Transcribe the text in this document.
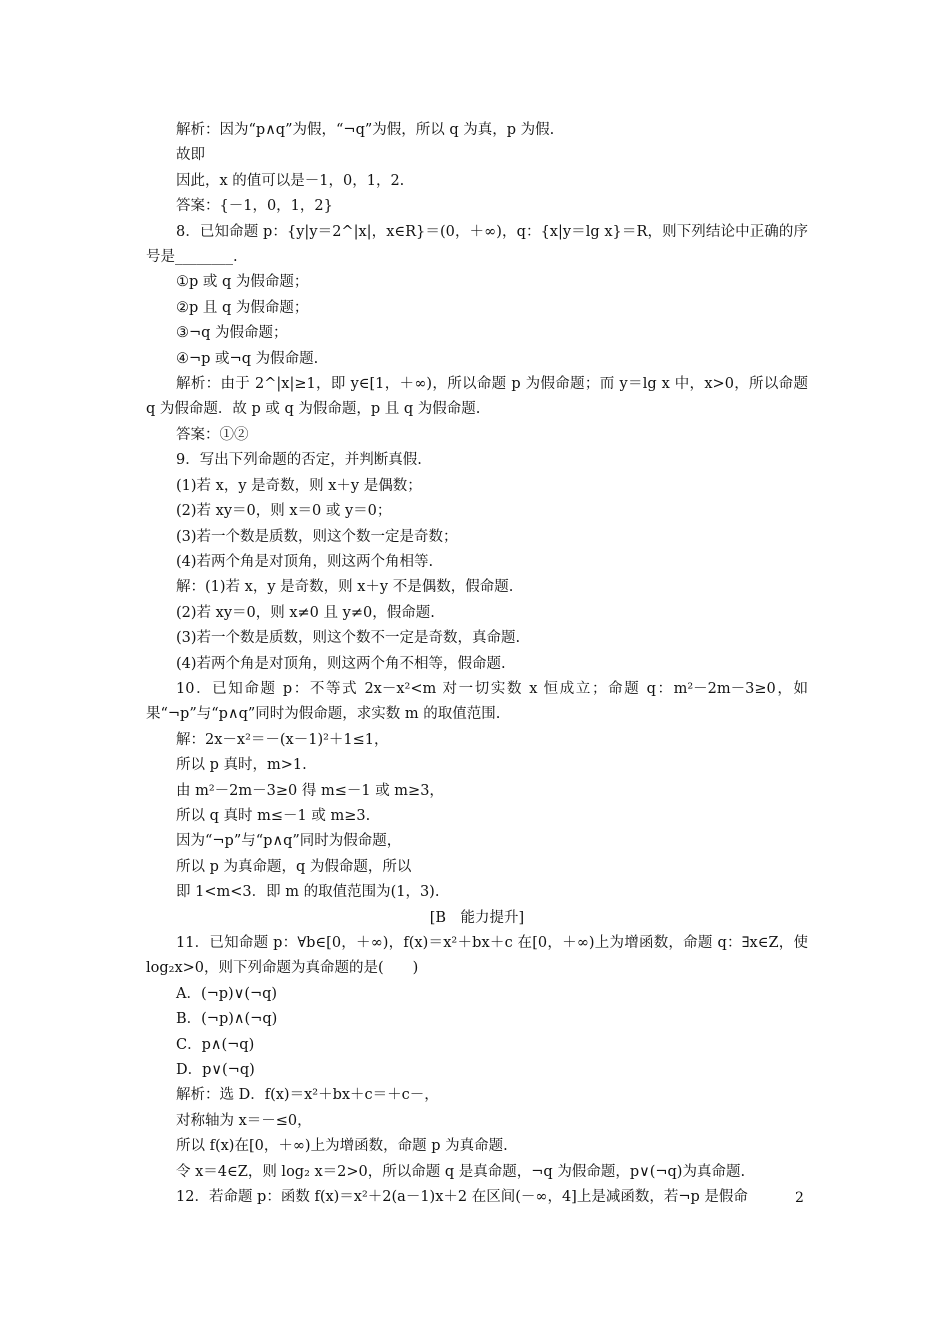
解析：因为“p∧q”为假，“¬q”为假，所以 q 为真，p 为假.

故即

因此，x 的值可以是－1，0，1，2.

答案：{－1，0，1，2}

8．已知命题 p：{y|y＝2^|x|，x∈R}＝(0，＋∞)，q：{x|y＝lg x}＝R，则下列结论中正确的序号是________.

①p 或 q 为假命题；

②p 且 q 为假命题；

③¬q 为假命题；

④¬p 或¬q 为假命题.

解析：由于 2^|x|≥1，即 y∈[1，＋∞)，所以命题 p 为假命题；而 y＝lg x 中，x>0，所以命题 q 为假命题．故 p 或 q 为假命题，p 且 q 为假命题.

答案：①②

9．写出下列命题的否定，并判断真假.

(1)若 x，y 是奇数，则 x＋y 是偶数；

(2)若 xy＝0，则 x＝0 或 y＝0；

(3)若一个数是质数，则这个数一定是奇数；

(4)若两个角是对顶角，则这两个角相等.

解：(1)若 x，y 是奇数，则 x＋y 不是偶数，假命题.

(2)若 xy＝0，则 x≠0 且 y≠0，假命题.

(3)若一个数是质数，则这个数不一定是奇数，真命题.

(4)若两个角是对顶角，则这两个角不相等，假命题.

10．已知命题 p：不等式 2x－x²<m 对一切实数 x 恒成立；命题 q：m²－2m－3≥0，如果“¬p”与“p∧q”同时为假命题，求实数 m 的取值范围.

解：2x－x²＝－(x－1)²＋1≤1，

所以 p 真时，m>1.

由 m²－2m－3≥0 得 m≤－1 或 m≥3，

所以 q 真时 m≤－1 或 m≥3.

因为“¬p”与“p∧q”同时为假命题，

所以 p 为真命题，q 为假命题，所以

即 1<m<3．即 m 的取值范围为(1，3).

[B　能力提升]

11．已知命题 p：∀b∈[0，＋∞)，f(x)＝x²＋bx＋c 在[0，＋∞)上为增函数，命题 q：∃x∈Z，使 log₂x>0，则下列命题为真命题的是(　　)

A．(¬p)∨(¬q)

B．(¬p)∧(¬q)

C．p∧(¬q)

D．p∨(¬q)

解析：选 D．f(x)＝x²＋bx＋c＝＋c－，

对称轴为 x＝－≤0，

所以 f(x)在[0，＋∞)上为增函数，命题 p 为真命题.

令 x＝4∈Z，则 log₂ x＝2>0，所以命题 q 是真命题，¬q 为假命题，p∨(¬q)为真命题.

12．若命题 p：函数 f(x)＝x²＋2(a－1)x＋2 在区间(－∞，4]上是减函数，若¬p 是假命	2
